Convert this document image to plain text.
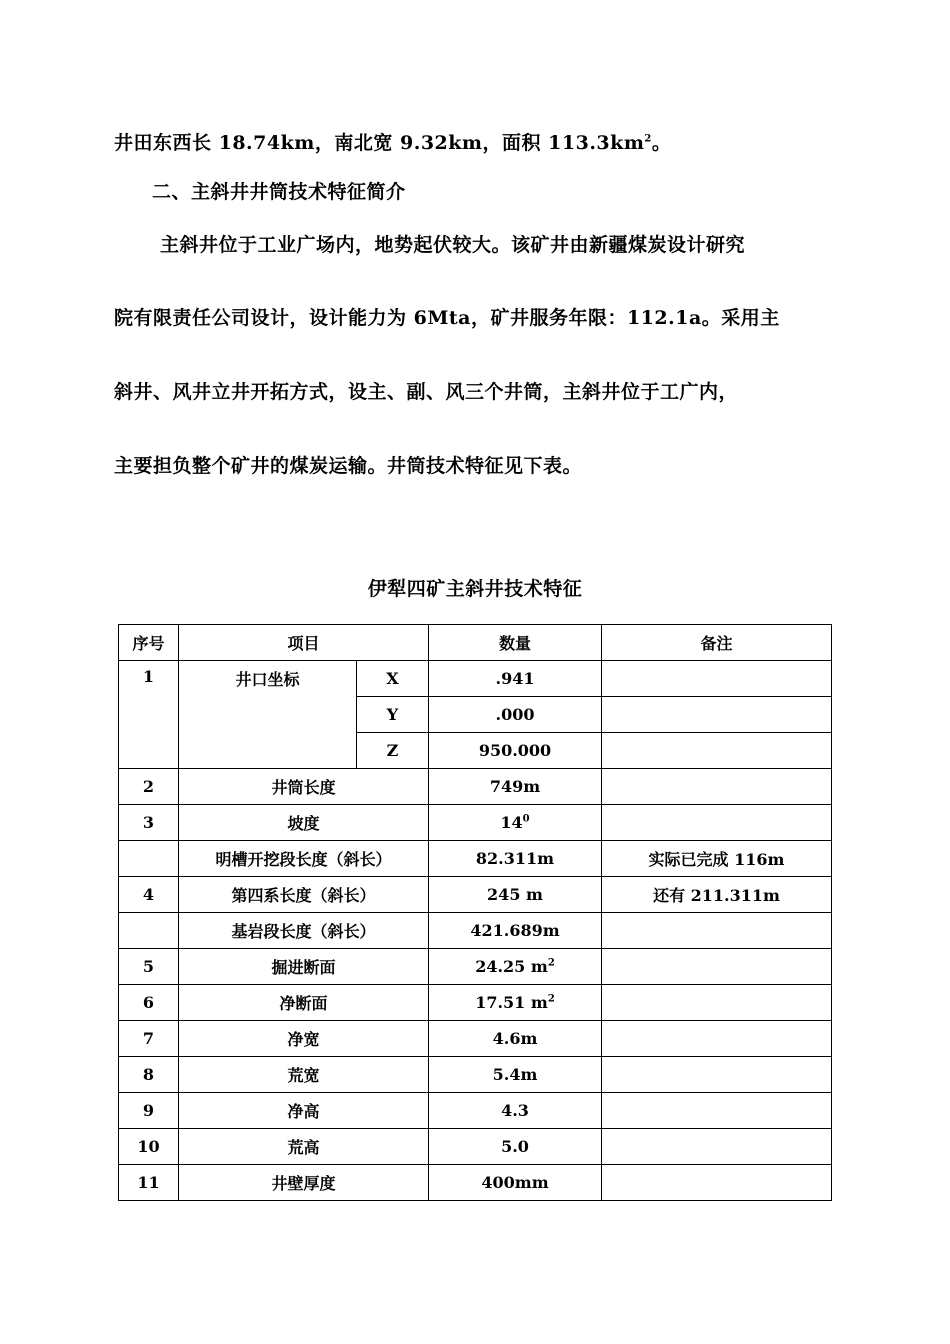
井田东西长 18.74km，南北宽 9.32km，面积 $113.3km^2$。
二、主斜井井筒技术特征简介
主斜井位于工业广场内，地势起伏较大。该矿井由新疆煤炭设计研究
院有限责任公司设计，设计能力为 6Mta，矿井服务年限：112.1a。采用主
斜井、风井立井开拓方式，设主、副、风三个井筒，主斜井位于工广内，
主要担负整个矿井的煤炭运输。井筒技术特征见下表。
伊犁四矿主斜井技术特征
序号	项目		数量	备注
1	井口坐标	X	.941	
		Y	.000	
		Z	950.000	
2	井筒长度		749m	
3	坡度		$14^0$	
	明槽开挖段长度（斜长）		82.311m	实际已完成 116m
4	第四系长度（斜长）		245 m	还有 211.311m
	基岩段长度（斜长）		421.689m	
5	掘进断面		24.25 $m^2$	
6	净断面		17.51 $m^2$	
7	净宽		4.6m	
8	荒宽		5.4m	
9	净高		4.3	
10	荒高		5.0	
11	井壁厚度		400mm	
